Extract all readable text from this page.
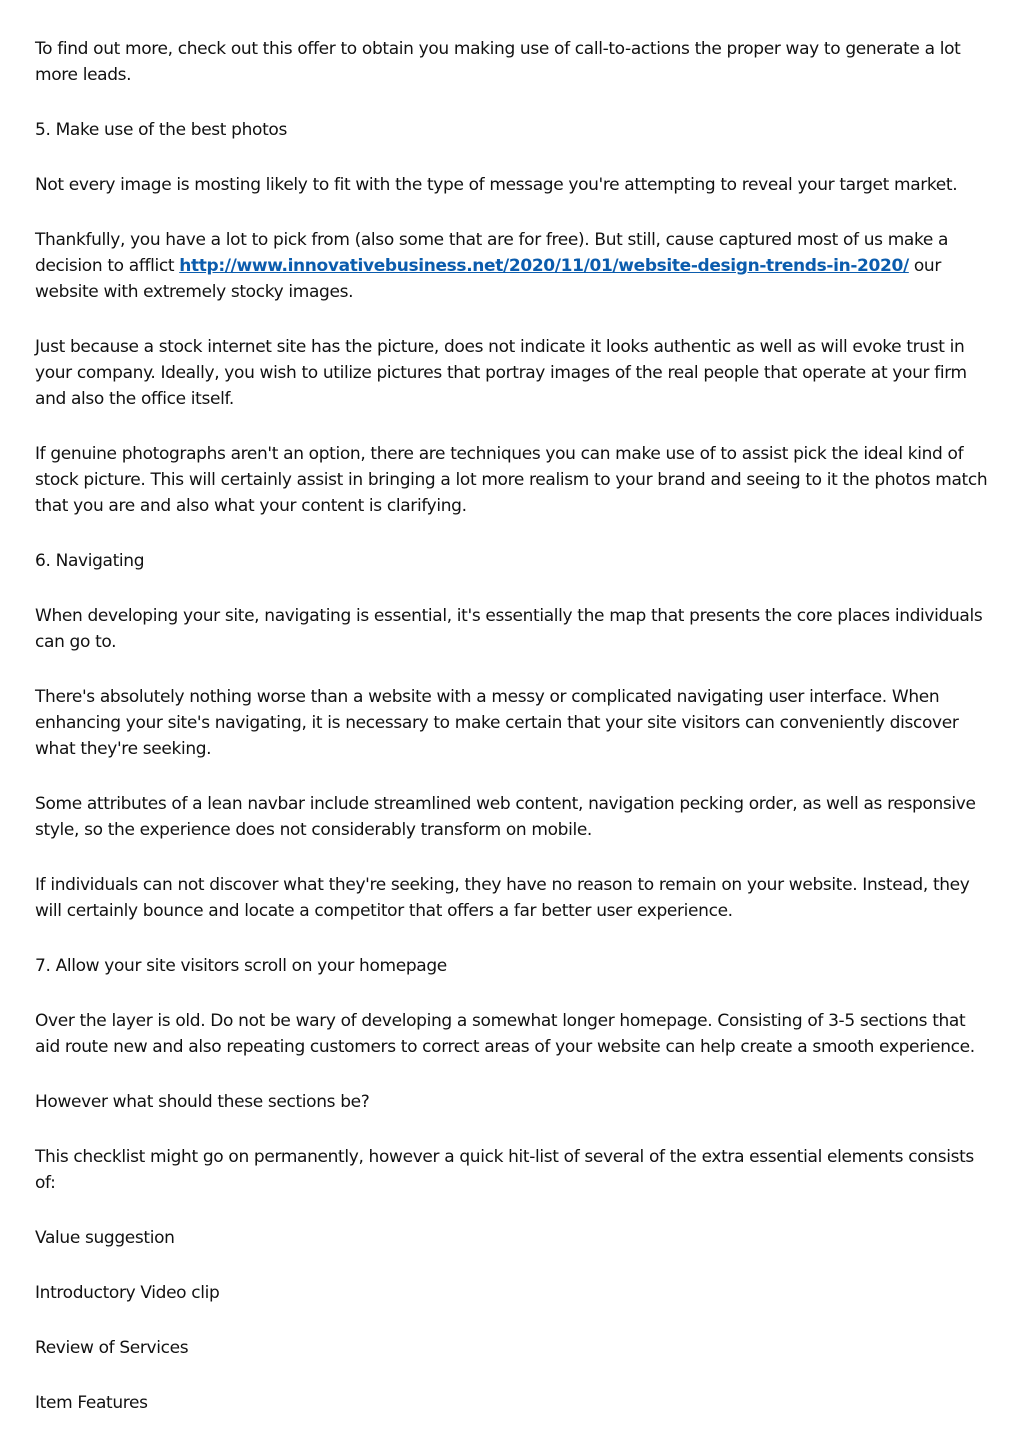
To find out more, check out this offer to obtain you making use of call-to-actions the proper way to generate a lot more leads.

5. Make use of the best photos

Not every image is mosting likely to fit with the type of message you're attempting to reveal your target market.

Thankfully, you have a lot to pick from (also some that are for free). But still, cause captured most of us make a decision to afflict http://www.innovativebusiness.net/2020/11/01/website-design-trends-in-2020/ our website with extremely stocky images.

Just because a stock internet site has the picture, does not indicate it looks authentic as well as will evoke trust in your company. Ideally, you wish to utilize pictures that portray images of the real people that operate at your firm and also the office itself.

If genuine photographs aren't an option, there are techniques you can make use of to assist pick the ideal kind of stock picture. This will certainly assist in bringing a lot more realism to your brand and seeing to it the photos match that you are and also what your content is clarifying.

6. Navigating

When developing your site, navigating is essential, it's essentially the map that presents the core places individuals can go to.

There's absolutely nothing worse than a website with a messy or complicated navigating user interface. When enhancing your site's navigating, it is necessary to make certain that your site visitors can conveniently discover what they're seeking.

Some attributes of a lean navbar include streamlined web content, navigation pecking order, as well as responsive style, so the experience does not considerably transform on mobile.

If individuals can not discover what they're seeking, they have no reason to remain on your website. Instead, they will certainly bounce and locate a competitor that offers a far better user experience.

7. Allow your site visitors scroll on your homepage

Over the layer is old. Do not be wary of developing a somewhat longer homepage. Consisting of 3-5 sections that aid route new and also repeating customers to correct areas of your website can help create a smooth experience.

However what should these sections be?

This checklist might go on permanently, however a quick hit-list of several of the extra essential elements consists of:

Value suggestion

Introductory Video clip

Review of Services

Item Features
